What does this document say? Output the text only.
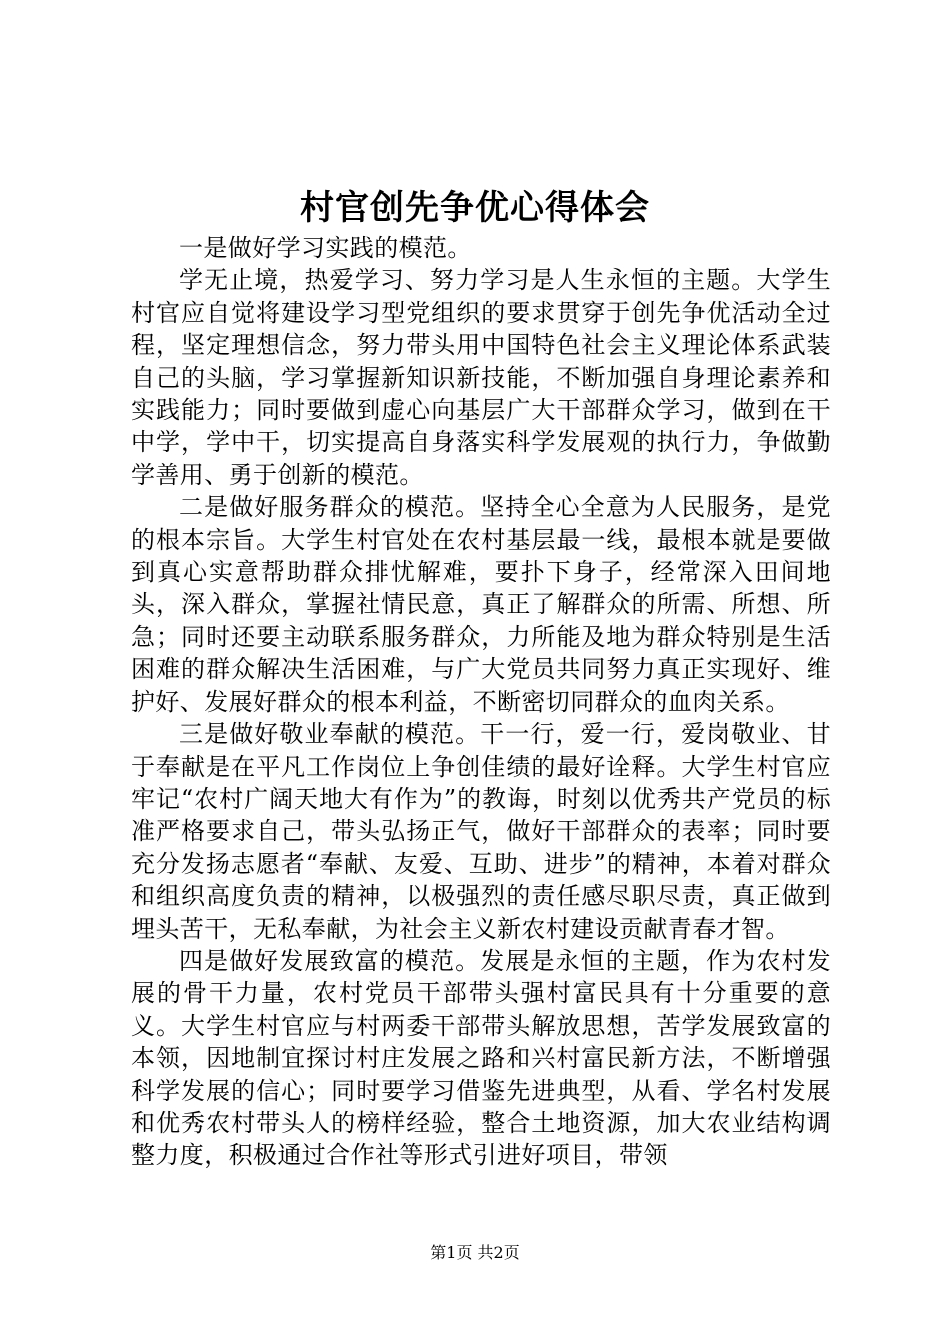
村官创先争优心得体会

一是做好学习实践的模范。

学无止境，热爱学习、努力学习是人生永恒的主题。大学生村官应自觉将建设学习型党组织的要求贯穿于创先争优活动全过程，坚定理想信念，努力带头用中国特色社会主义理论体系武装自己的头脑，学习掌握新知识新技能，不断加强自身理论素养和实践能力；同时要做到虚心向基层广大干部群众学习，做到在干中学，学中干，切实提高自身落实科学发展观的执行力，争做勤学善用、勇于创新的模范。

二是做好服务群众的模范。坚持全心全意为人民服务，是党的根本宗旨。大学生村官处在农村基层最一线，最根本就是要做到真心实意帮助群众排忧解难，要扑下身子，经常深入田间地头，深入群众，掌握社情民意，真正了解群众的所需、所想、所急；同时还要主动联系服务群众，力所能及地为群众特别是生活困难的群众解决生活困难，与广大党员共同努力真正实现好、维护好、发展好群众的根本利益，不断密切同群众的血肉关系。

三是做好敬业奉献的模范。干一行，爱一行，爱岗敬业、甘于奉献是在平凡工作岗位上争创佳绩的最好诠释。大学生村官应牢记“农村广阔天地大有作为”的教诲，时刻以优秀共产党员的标准严格要求自己，带头弘扬正气，做好干部群众的表率；同时要充分发扬志愿者“奉献、友爱、互助、进步”的精神，本着对群众和组织高度负责的精神，以极强烈的责任感尽职尽责，真正做到埋头苦干，无私奉献，为社会主义新农村建设贡献青春才智。

四是做好发展致富的模范。发展是永恒的主题，作为农村发展的骨干力量，农村党员干部带头强村富民具有十分重要的意义。大学生村官应与村两委干部带头解放思想，苦学发展致富的本领，因地制宜探讨村庄发展之路和兴村富民新方法，不断增强科学发展的信心；同时要学习借鉴先进典型，从看、学名村发展和优秀农村带头人的榜样经验，整合土地资源，加大农业结构调整力度，积极通过合作社等形式引进好项目，带领

第1页 共2页
